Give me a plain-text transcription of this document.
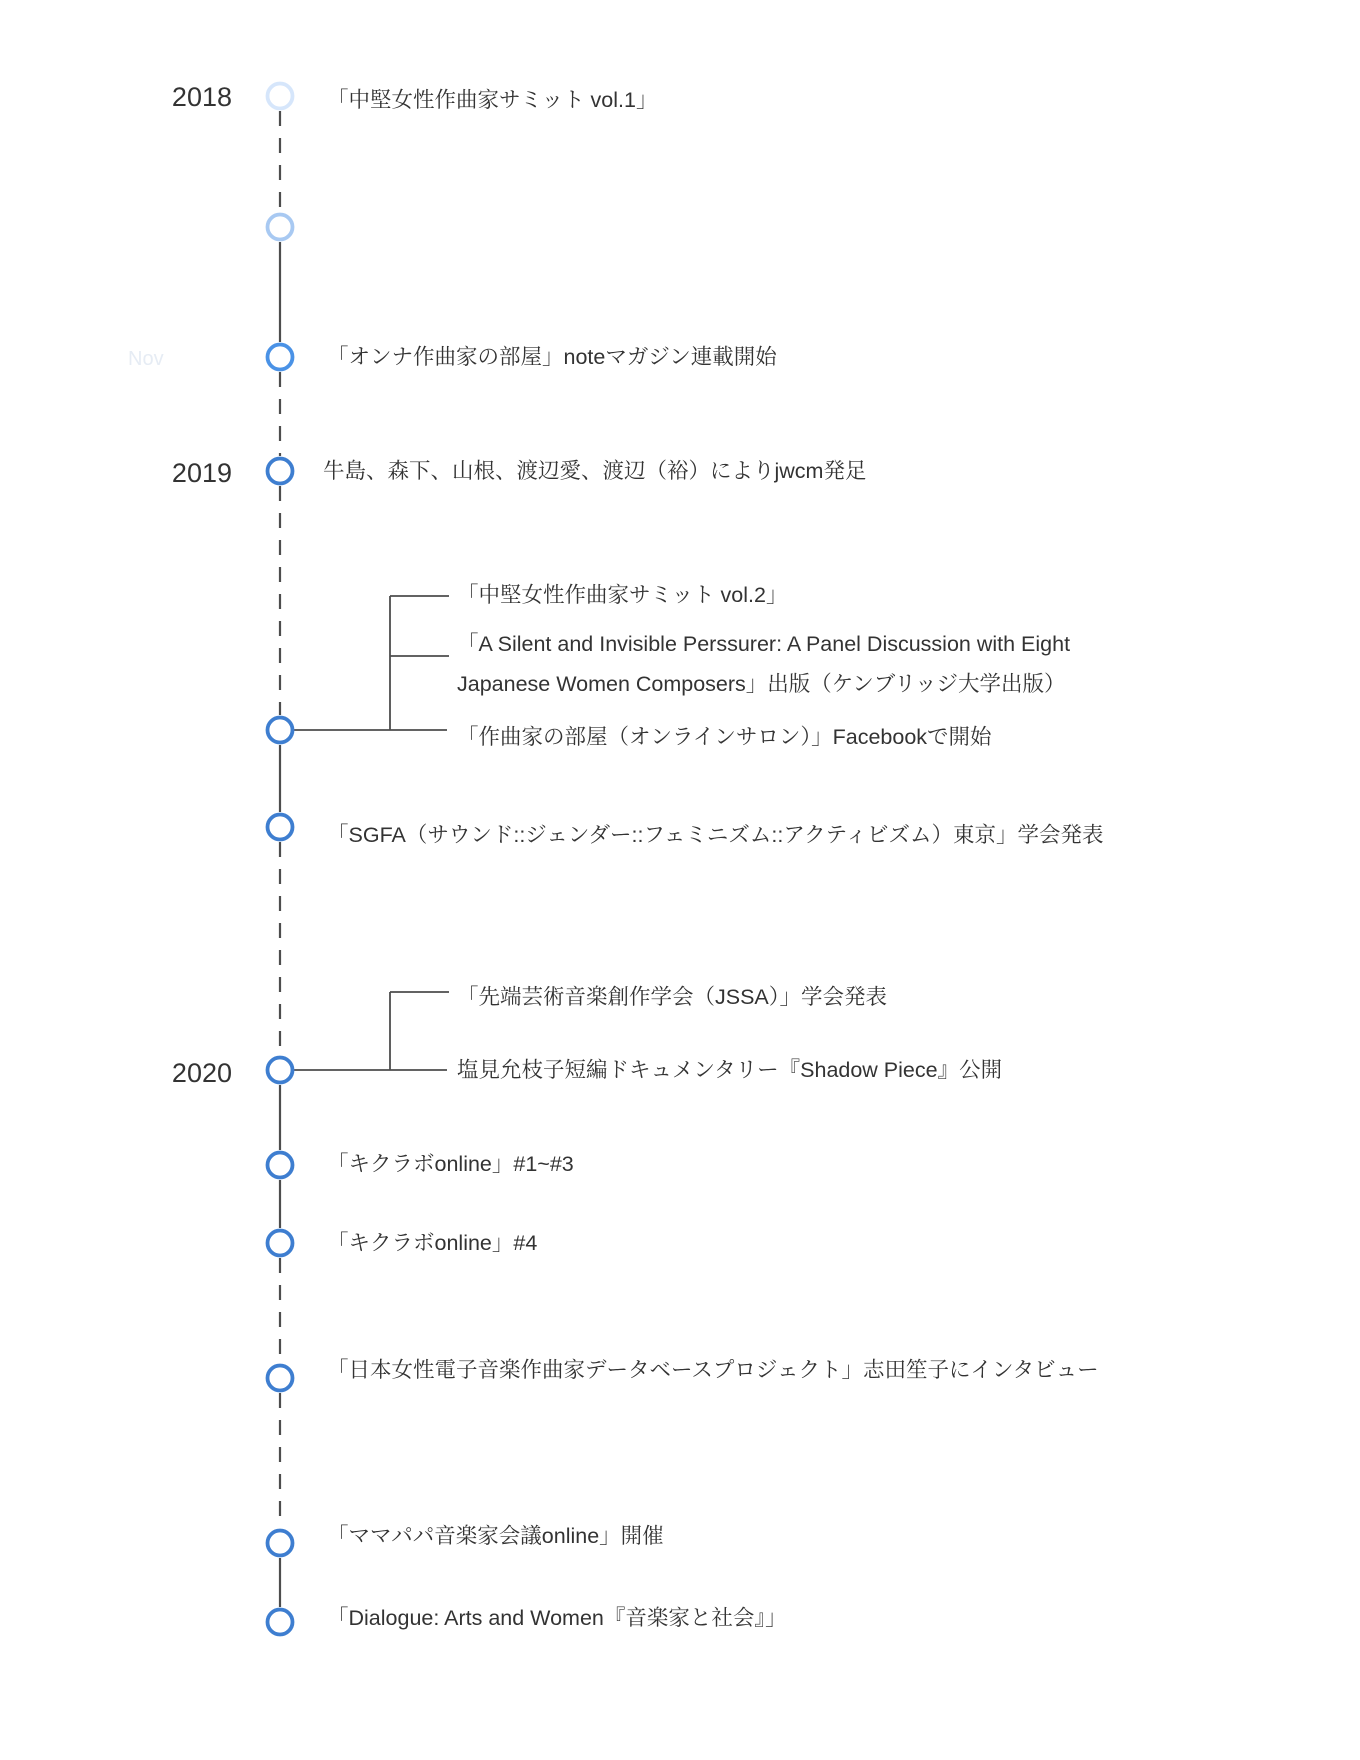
2018
2019
2020
Nov
「中堅女性作曲家サミット vol.1」
「オンナ作曲家の部屋」noteマガジン連載開始
牛島、森下、山根、渡辺愛、渡辺（裕）によりjwcm発足
「中堅女性作曲家サミット vol.2」
「A Silent and Invisible Perssurer: A Panel Discussion with Eight
Japanese Women Composers」出版（ケンブリッジ大学出版）
「作曲家の部屋（オンラインサロン）」Facebookで開始
「SGFA（サウンド::ジェンダー::フェミニズム::アクティビズム）東京」学会発表
「先端芸術音楽創作学会（JSSA）」学会発表
塩見允枝子短編ドキュメンタリー『Shadow Piece』公開
「キクラボonline」#1~#3
「キクラボonline」#4
「日本女性電子音楽作曲家データベースプロジェクト」志田笙子にインタビュー
「ママパパ音楽家会議online」開催
「Dialogue: Arts and Women『音楽家と社会』」
